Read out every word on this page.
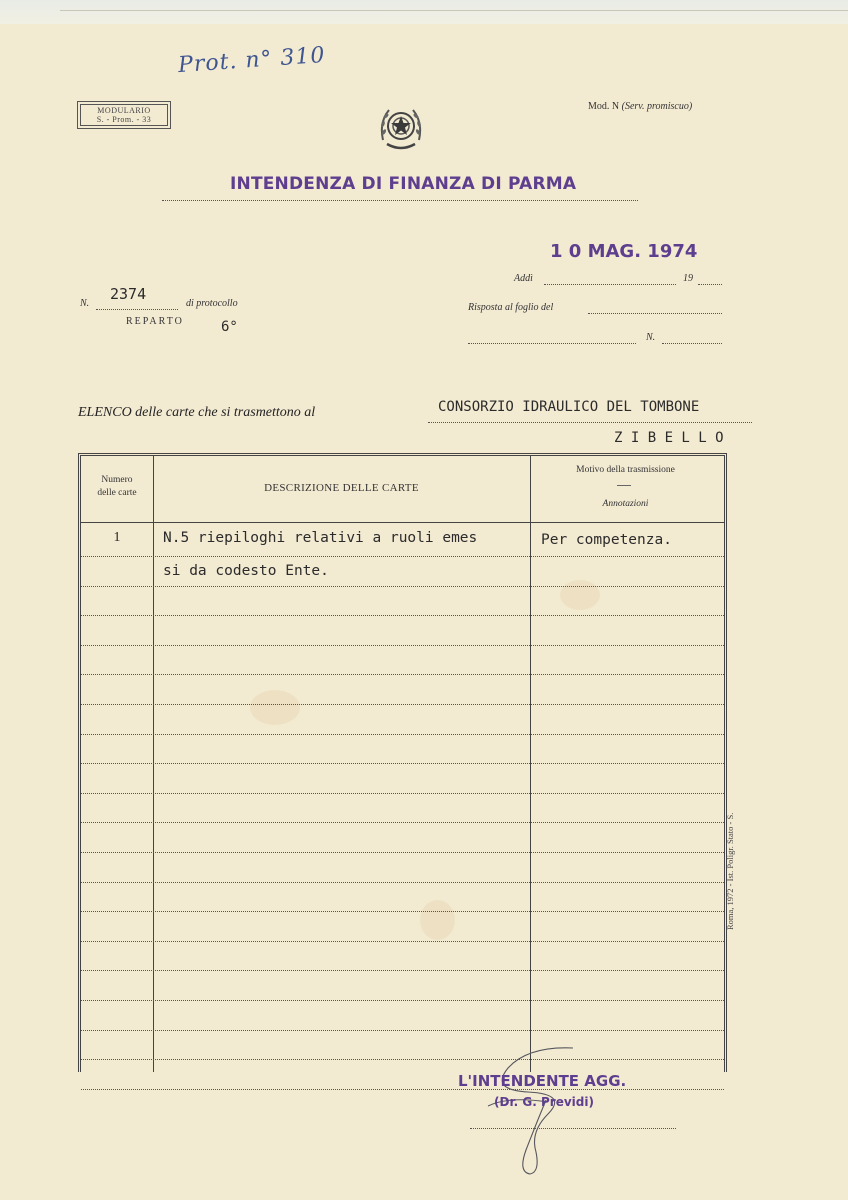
Prot. n° 310
MODULARIO
S. - Prom. - 33
Mod. N (Serv. promiscuo)
INTENDENZA DI FINANZA DI PARMA
1 0 MAG. 1974
Addì	19
N.
2374
di protocollo
REPARTO	6°
Risposta al foglio del
N.
ELENCO delle carte che si trasmettono al	CONSORZIO IDRAULICO DEL TOMBONE
Z I B E L L O
Numero
delle carte	DESCRIZIONE DELLE CARTE
Motivo della trasmissione
Annotazioni
1	N.5 riepiloghi relativi a ruoli emes	Per competenza.
si da codesto Ente.
Roma, 1972 - Ist. Poligr. Stato - S.
L'INTENDENTE AGG.
(Dr. G. Previdi)
